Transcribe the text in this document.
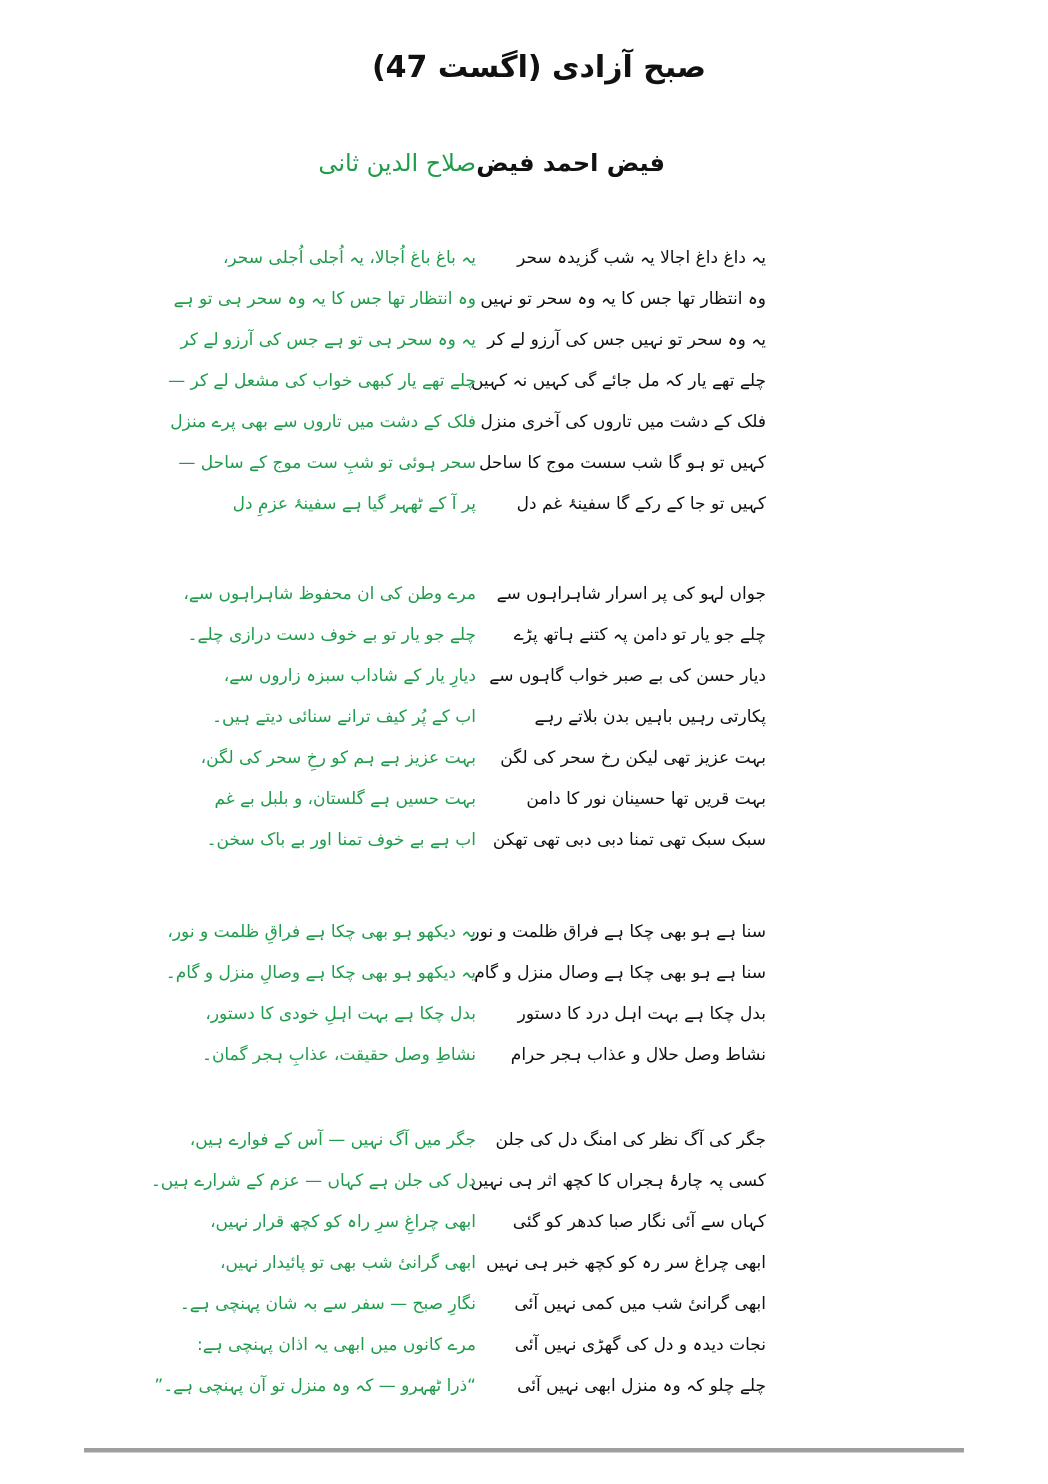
صبح آزادی (اگست 47)
فیض احمد فیض
صلاح الدین ثانی
یہ داغ داغ اجالا یہ شب گزیدہ سحر
وہ انتظار تھا جس کا یہ وہ سحر تو نہیں
یہ وہ سحر تو نہیں جس کی آرزو لے کر
چلے تھے یار کہ مل جائے گی کہیں نہ کہیں
فلک کے دشت میں تاروں کی آخری منزل
کہیں تو ہو گا شب سست موج کا ساحل
کہیں تو جا کے رکے گا سفینۂ غم دل
جواں لہو کی پر اسرار شاہراہوں سے
چلے جو یار تو دامن پہ کتنے ہاتھ پڑے
دیار حسن کی بے صبر خواب گاہوں سے
پکارتی رہیں باہیں بدن بلاتے رہے
بہت عزیز تھی لیکن رخ سحر کی لگن
بہت قریں تھا حسینان نور کا دامن
سبک سبک تھی تمنا دبی دبی تھی تھکن
سنا ہے ہو بھی چکا ہے فراق ظلمت و نور
سنا ہے ہو بھی چکا ہے وصال منزل و گام
بدل چکا ہے بہت اہل درد کا دستور
نشاط وصل حلال و عذاب ہجر حرام
جگر کی آگ نظر کی امنگ دل کی جلن
کسی پہ چارۂ ہجراں کا کچھ اثر ہی نہیں
کہاں سے آئی نگار صبا کدھر کو گئی
ابھی چراغ سر رہ کو کچھ خبر ہی نہیں
ابھی گرانیٔ شب میں کمی نہیں آئی
نجات دیدہ و دل کی گھڑی نہیں آئی
چلے چلو کہ وہ منزل ابھی نہیں آئی
یہ باغ باغ اُجالا، یہ اُجلی اُجلی سحر،
وہ انتظار تھا جس کا یہ وہ سحر ہی تو ہے
یہ وہ سحر ہی تو ہے جس کی آرزو لے کر
چلے تھے یار کبھی خواب کی مشعل لے کر —
فلک کے دشت میں تاروں سے بھی پرے منزل
سحر ہوئی تو شبِ ست موج کے ساحل —
پر آ کے ٹھہر گیا ہے سفینۂ عزمِ دل
مرے وطن کی ان محفوظ شاہراہوں سے،
چلے جو یار تو بے خوف دست درازی چلے۔
دیارِ یار کے شاداب سبزہ زاروں سے،
اب کے پُر کیف ترانے سنائی دیتے ہیں۔
بہت عزیز ہے ہم کو رخِ سحر کی لگن،
بہت حسیں ہے گلستان، و بلبل بے غم
اب ہے بے خوف تمنا اور بے باک سخن۔
یہ دیکھو ہو بھی چکا ہے فراقِ ظلمت و نور،
یہ دیکھو ہو بھی چکا ہے وصالِ منزل و گام۔
بدل چکا ہے بہت اہلِ خودی کا دستور،
نشاطِ وصل حقیقت، عذابِ ہجر گمان۔
جگر میں آگ نہیں — آس کے فوارے ہیں،
دل کی جلن ہے کہاں — عزم کے شرارے ہیں۔
ابھی چراغِ سرِ راہ کو کچھ قرار نہیں،
ابھی گرانیٔ شب بھی تو پائیدار نہیں،
نگارِ صبح — سفر سے بہ شان پہنچی ہے۔
مرے کانوں میں ابھی یہ اذان پہنچی ہے:
“ذرا ٹھہرو — کہ وہ منزل تو آن پہنچی ہے۔”
